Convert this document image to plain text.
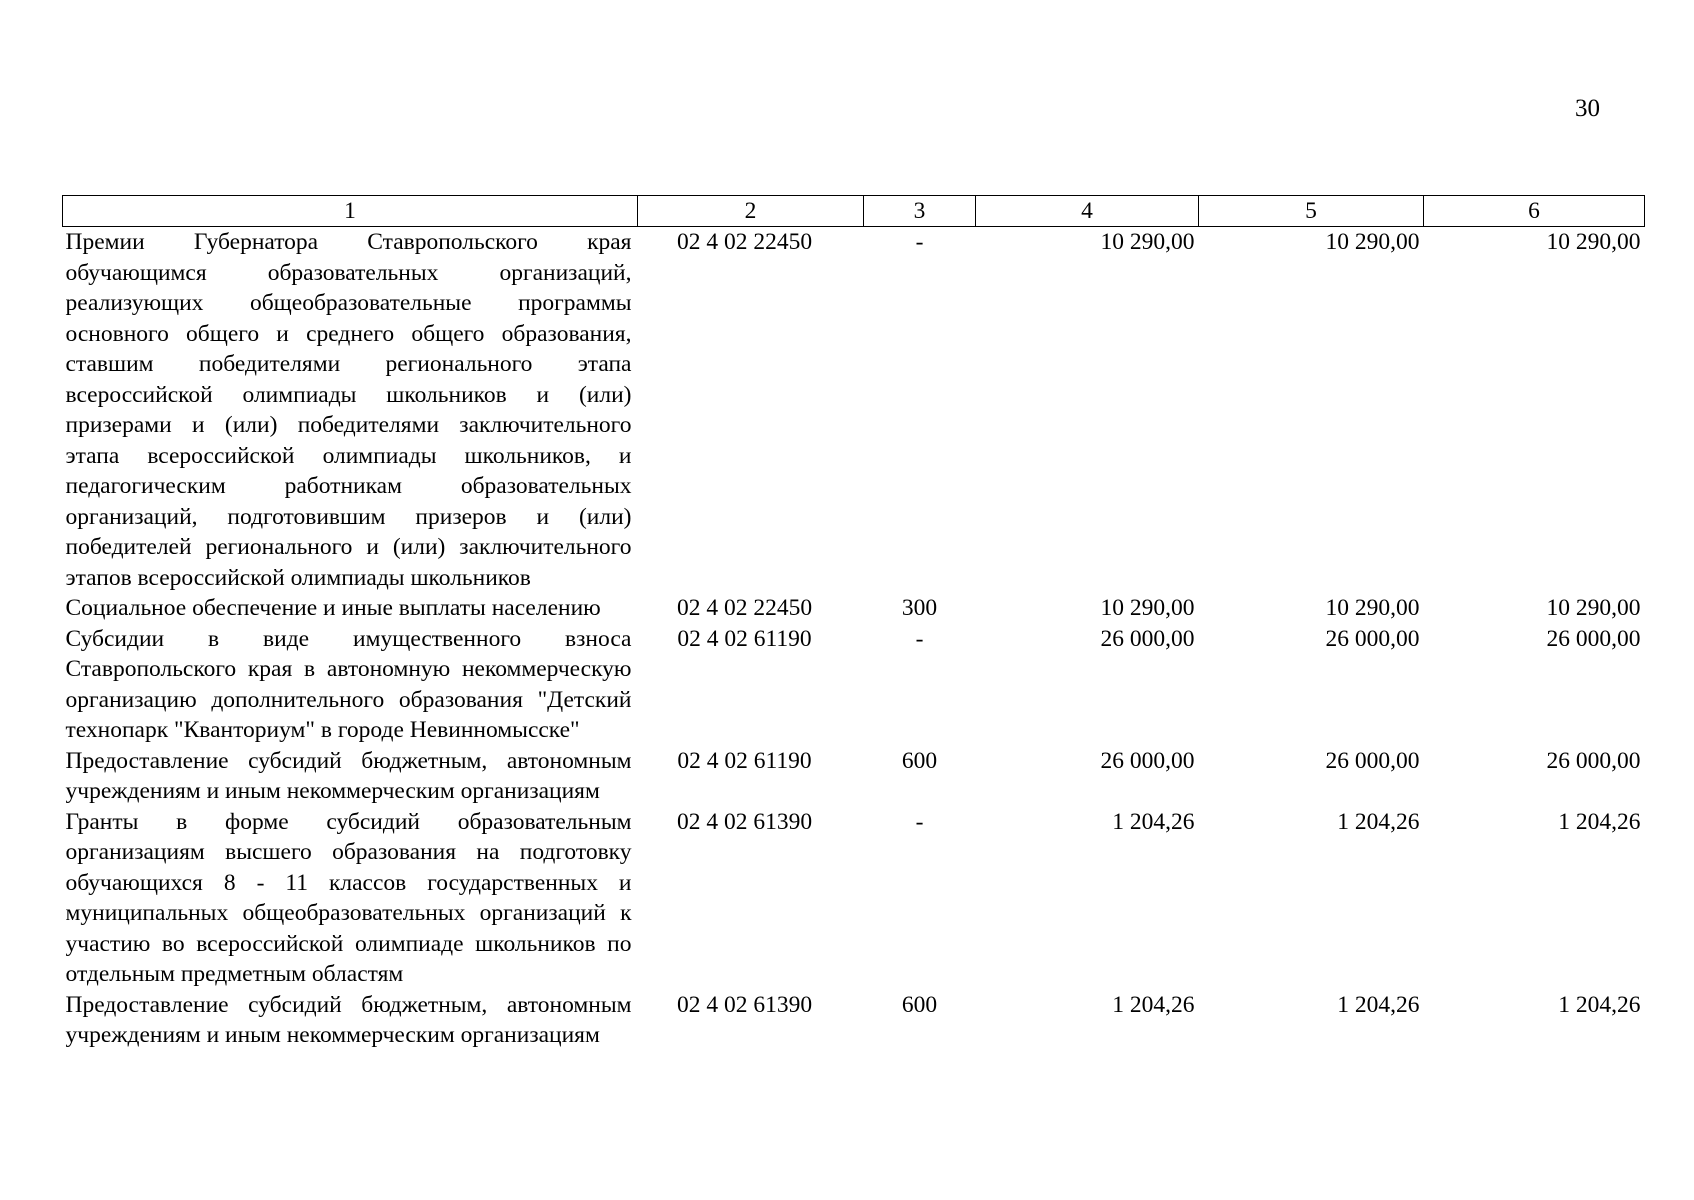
30
1	2	3	4	5	6
Премии Губернатора Ставропольского края обучающимся образовательных организаций, реализующих общеобразовательные программы основного общего и среднего общего образования, ставшим победителями регионального этапа всероссийской олимпиады школьников и (или) призерами и (или) победителями заключительного этапа всероссийской олимпиады школьников, и педагогическим работникам образовательных организаций, подготовившим призеров и (или) победителей регионального и (или) заключительного этапов всероссийской олимпиады школьников	02 4 02 22450	-	10 290,00	10 290,00	10 290,00
Социальное обеспечение и иные выплаты населению	02 4 02 22450	300	10 290,00	10 290,00	10 290,00
Субсидии в виде имущественного взноса Ставропольского края в автономную некоммерческую организацию дополнительного образования "Детский технопарк "Кванториум" в городе Невинномысске"	02 4 02 61190	-	26 000,00	26 000,00	26 000,00
Предоставление субсидий бюджетным, автономным учреждениям и иным некоммерческим организациям	02 4 02 61190	600	26 000,00	26 000,00	26 000,00
Гранты в форме субсидий образовательным организациям высшего образования на подготовку обучающихся 8 - 11 классов государственных и муниципальных общеобразовательных организаций к участию во всероссийской олимпиаде школьников по отдельным предметным областям	02 4 02 61390	-	1 204,26	1 204,26	1 204,26
Предоставление субсидий бюджетным, автономным учреждениям и иным некоммерческим организациям	02 4 02 61390	600	1 204,26	1 204,26	1 204,26
